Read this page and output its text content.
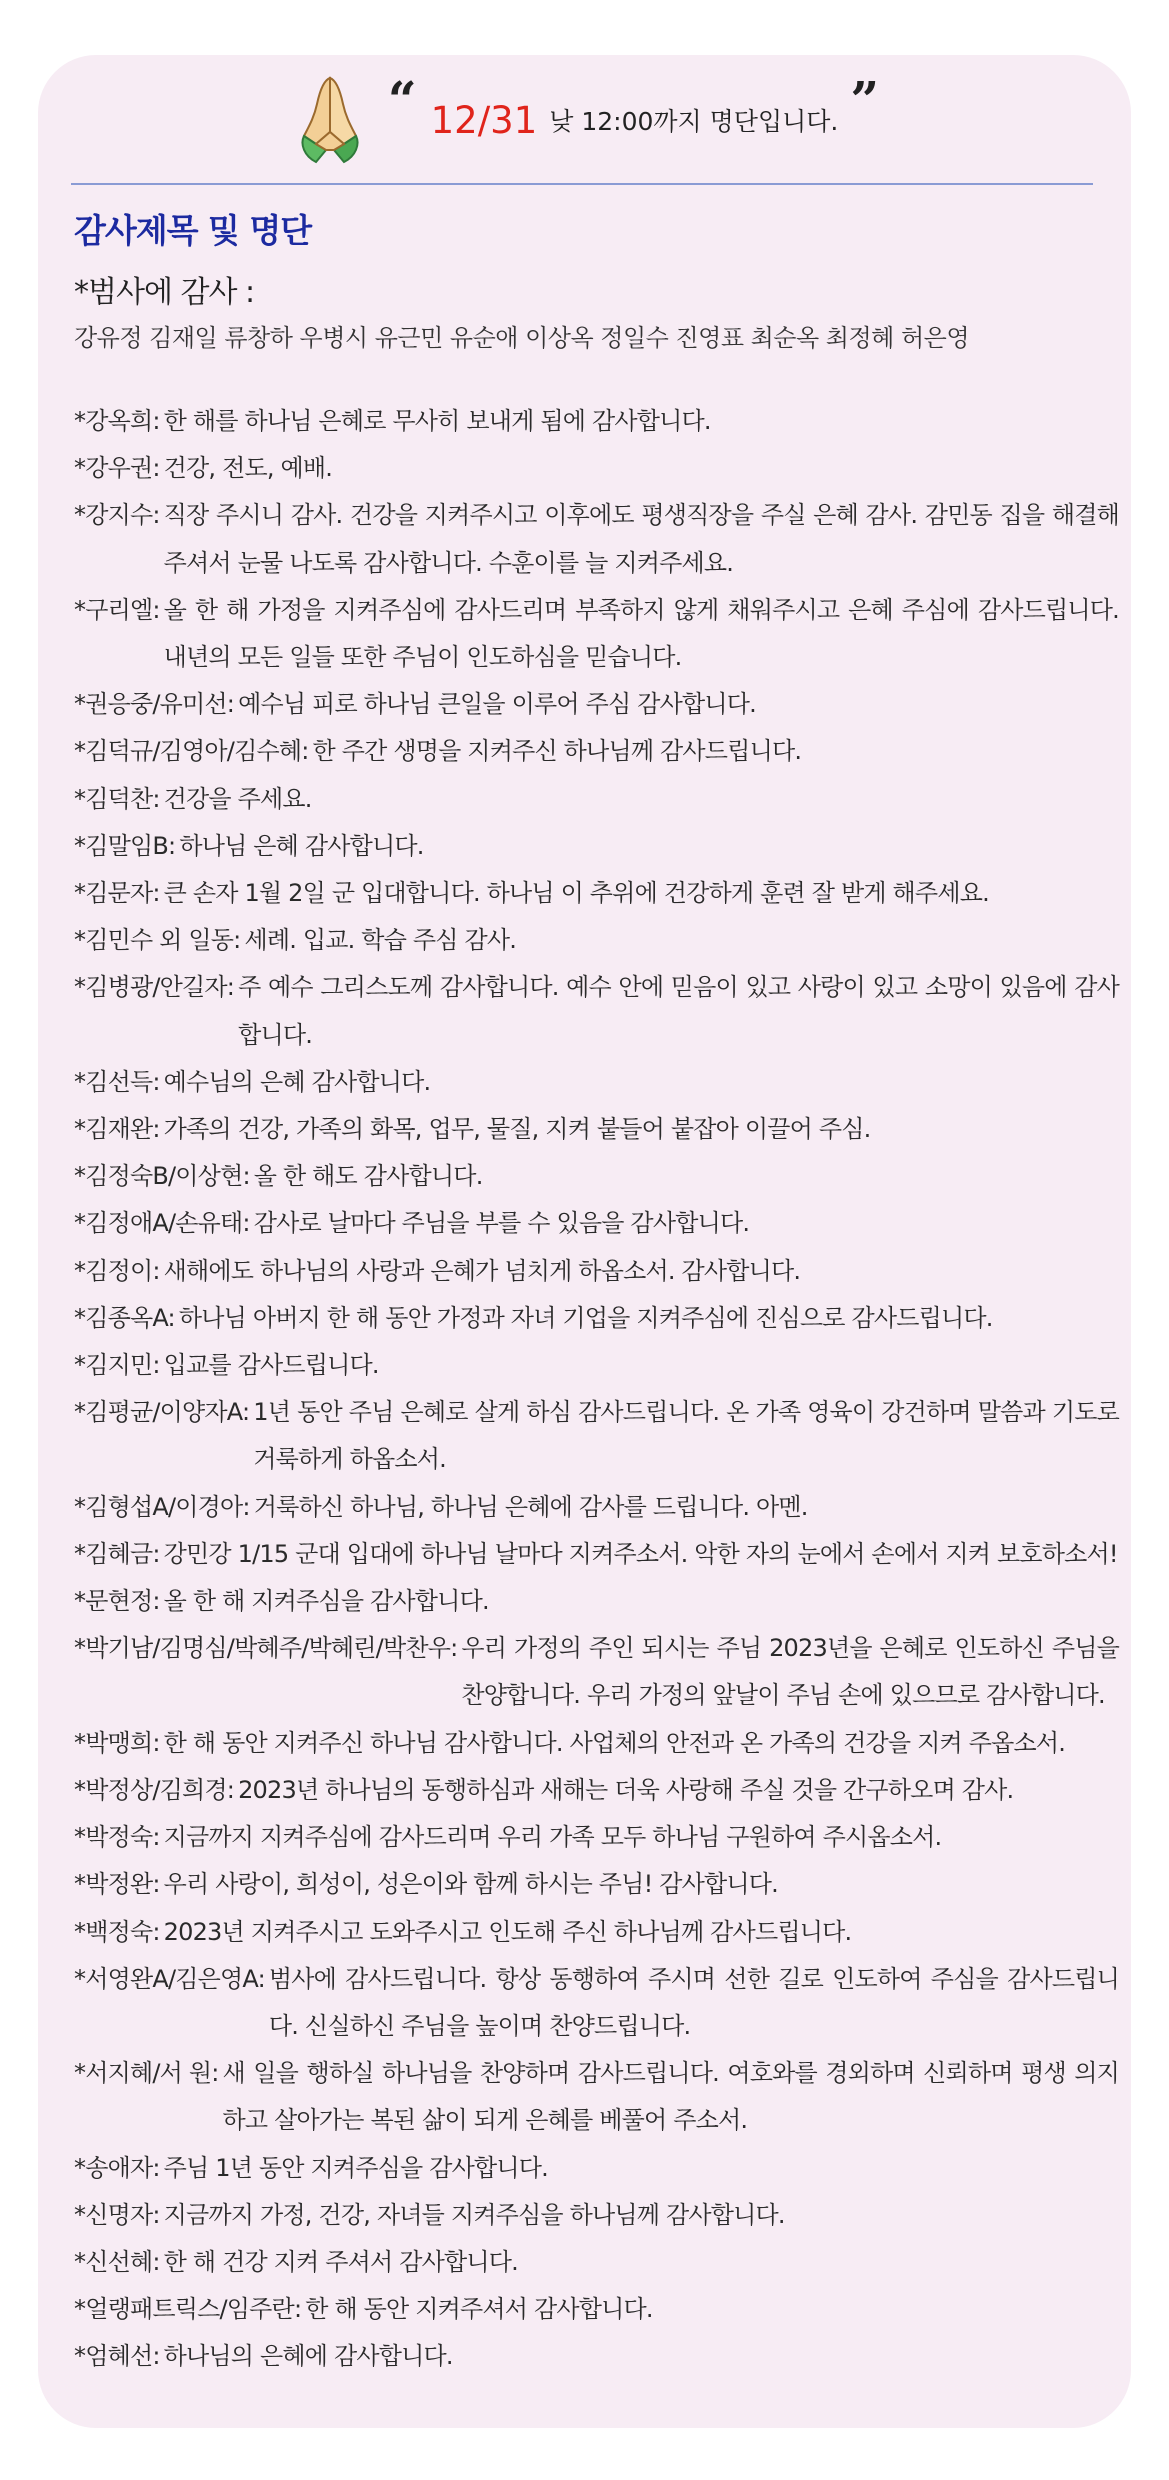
“ 12/31 낮 12:00까지 명단입니다. ”
감사제목 및 명단
*범사에 감사 :
강유정 김재일 류창하 우병시 유근민 유순애 이상옥 정일수 진영표 최순옥 최정혜 허은영
*강옥희: 한 해를 하나님 은혜로 무사히 보내게 됨에 감사합니다.
*강우권: 건강, 전도, 예배.
*강지수: 직장 주시니 감사. 건강을 지켜주시고 이후에도 평생직장을 주실 은혜 감사. 감민동 집을 해결해 주셔서 눈물 나도록 감사합니다. 수훈이를 늘 지켜주세요.
*구리엘: 올 한 해 가정을 지켜주심에 감사드리며 부족하지 않게 채워주시고 은혜 주심에 감사드립니다. 내년의 모든 일들 또한 주님이 인도하심을 믿습니다.
*권응중/유미선: 예수님 피로 하나님 큰일을 이루어 주심 감사합니다.
*김덕규/김영아/김수혜: 한 주간 생명을 지켜주신 하나님께 감사드립니다.
*김덕찬: 건강을 주세요.
*김말임B: 하나님 은혜 감사합니다.
*김문자: 큰 손자 1월 2일 군 입대합니다. 하나님 이 추위에 건강하게 훈련 잘 받게 해주세요.
*김민수 외 일동: 세례. 입교. 학습 주심 감사.
*김병광/안길자: 주 예수 그리스도께 감사합니다. 예수 안에 믿음이 있고 사랑이 있고 소망이 있음에 감사합니다.
*김선득: 예수님의 은혜 감사합니다.
*김재완: 가족의 건강, 가족의 화목, 업무, 물질, 지켜 붙들어 붙잡아 이끌어 주심.
*김정숙B/이상현: 올 한 해도 감사합니다.
*김정애A/손유태: 감사로 날마다 주님을 부를 수 있음을 감사합니다.
*김정이: 새해에도 하나님의 사랑과 은혜가 넘치게 하옵소서. 감사합니다.
*김종옥A: 하나님 아버지 한 해 동안 가정과 자녀 기업을 지켜주심에 진심으로 감사드립니다.
*김지민: 입교를 감사드립니다.
*김평균/이양자A: 1년 동안 주님 은혜로 살게 하심 감사드립니다. 온 가족 영육이 강건하며 말씀과 기도로 거룩하게 하옵소서.
*김형섭A/이경아: 거룩하신 하나님, 하나님 은혜에 감사를 드립니다. 아멘.
*김혜금: 강민강 1/15 군대 입대에 하나님 날마다 지켜주소서. 악한 자의 눈에서 손에서 지켜 보호하소서!
*문현정: 올 한 해 지켜주심을 감사합니다.
*박기남/김명심/박혜주/박혜린/박찬우: 우리 가정의 주인 되시는 주님 2023년을 은혜로 인도하신 주님을 찬양합니다. 우리 가정의 앞날이 주님 손에 있으므로 감사합니다.
*박맹희: 한 해 동안 지켜주신 하나님 감사합니다. 사업체의 안전과 온 가족의 건강을 지켜 주옵소서.
*박정상/김희경: 2023년 하나님의 동행하심과 새해는 더욱 사랑해 주실 것을 간구하오며 감사.
*박정숙: 지금까지 지켜주심에 감사드리며 우리 가족 모두 하나님 구원하여 주시옵소서.
*박정완: 우리 사랑이, 희성이, 성은이와 함께 하시는 주님! 감사합니다.
*백정숙: 2023년 지켜주시고 도와주시고 인도해 주신 하나님께 감사드립니다.
*서영완A/김은영A: 범사에 감사드립니다. 항상 동행하여 주시며 선한 길로 인도하여 주심을 감사드립니다. 신실하신 주님을 높이며 찬양드립니다.
*서지혜/서 원: 새 일을 행하실 하나님을 찬양하며 감사드립니다. 여호와를 경외하며 신뢰하며 평생 의지하고 살아가는 복된 삶이 되게 은혜를 베풀어 주소서.
*송애자: 주님 1년 동안 지켜주심을 감사합니다.
*신명자: 지금까지 가정, 건강, 자녀들 지켜주심을 하나님께 감사합니다.
*신선혜: 한 해 건강 지켜 주셔서 감사합니다.
*얼랭패트릭스/임주란: 한 해 동안 지켜주셔서 감사합니다.
*엄혜선: 하나님의 은혜에 감사합니다.
